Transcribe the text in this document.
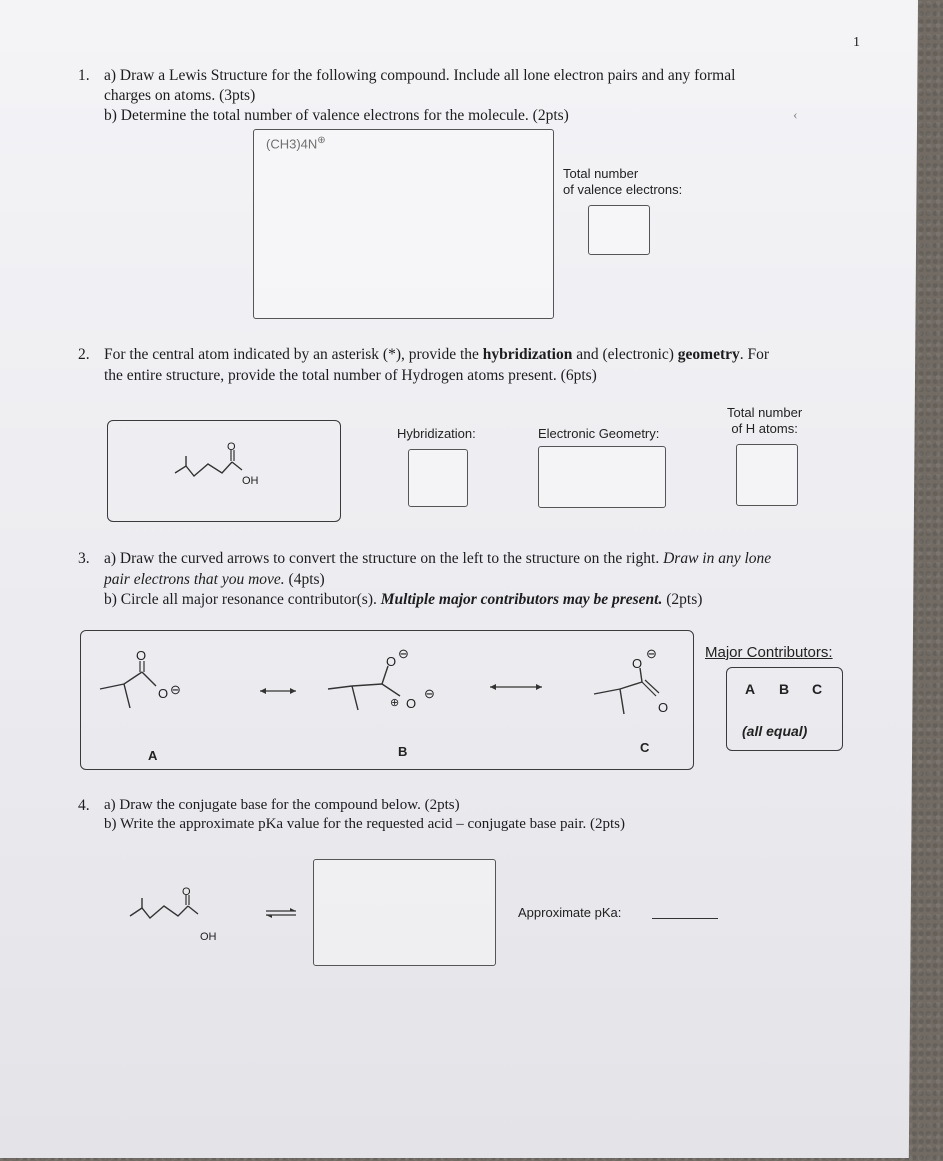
1
1. a) Draw a Lewis Structure for the following compound. Include all lone electron pairs and any formal
charges on atoms. (3pts)
b) Determine the total number of valence electrons for the molecule. (2pts)
(CH3)4N⊕
Total number
of valence electrons:
‹
2. For the central atom indicated by an asterisk (*), provide the hybridization and (electronic) geometry. For
the entire structure, provide the total number of Hydrogen atoms present. (6pts)
O
OH
Hybridization:	Electronic Geometry:
Total number
of H atoms:
3. a) Draw the curved arrows to convert the structure on the left to the structure on the right. Draw in any lone
pair electrons that you move. (4pts)
b) Circle all major resonance contributor(s). Multiple major contributors may be present. (2pts)
O
O ⊖
O
⊖
⊕ O
⊖
O
⊖
O
A	B	C
Major Contributors:
A B C
(all equal)
4. a) Draw the conjugate base for the compound below. (2pts)
b) Write the approximate pKa value for the requested acid – conjugate base pair. (2pts)
O
OH
Approximate pKa:
